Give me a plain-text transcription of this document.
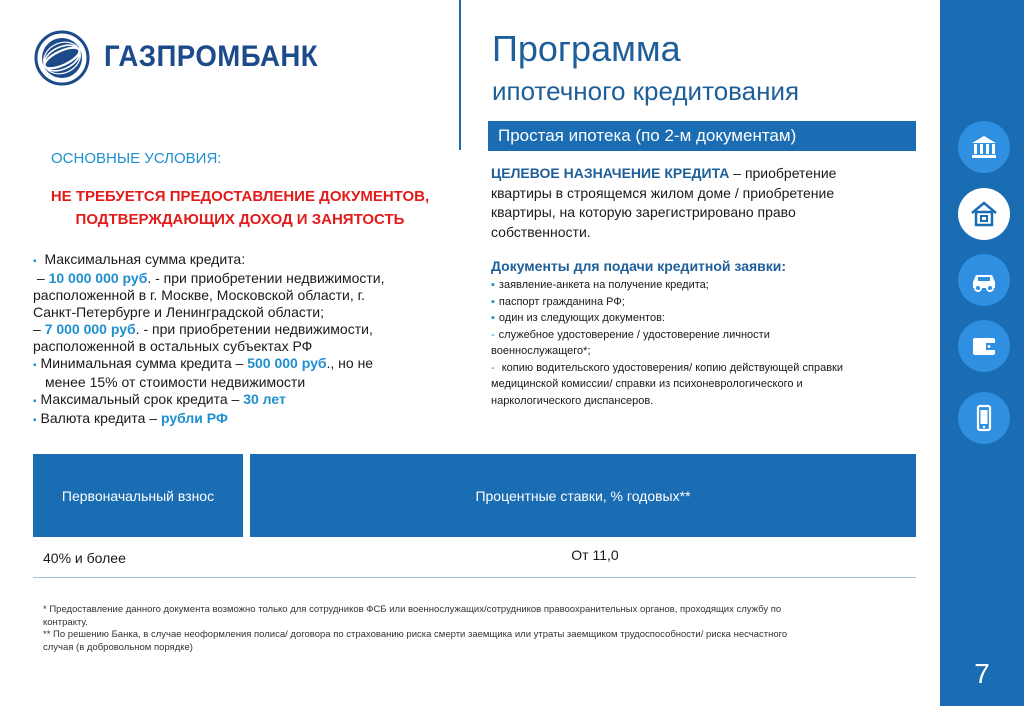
ГАЗПРОМБАНК	Программа
ипотечного кредитования
Простая ипотека (по 2-м документам)
ОСНОВНЫЕ УСЛОВИЯ:
НЕ ТРЕБУЕТСЯ ПРЕДОСТАВЛЕНИЕ ДОКУМЕНТОВ,
ПОДТВЕРЖДАЮЩИХ ДОХОД И ЗАНЯТОСТЬ
▪ Максимальная сумма кредита:
– 10 000 000 руб. - при приобретении недвижимости,
расположенной в г. Москве, Московской области, г.
Санкт-Петербурге и Ленинградской области;
– 7 000 000 руб. - при приобретении недвижимости,
расположенной в остальных субъектах РФ
▪ Минимальная сумма кредита – 500 000 руб., но не
менее 15% от стоимости недвижимости
▪ Максимальный срок кредита – 30 лет
▪ Валюта кредита – рубли РФ
ЦЕЛЕВОЕ НАЗНАЧЕНИЕ КРЕДИТА – приобретение
квартиры в строящемся жилом доме / приобретение
квартиры, на которую зарегистрировано право
собственности.
Документы для подачи кредитной заявки:
▪ заявление-анкета на получение кредита;
▪ паспорт гражданина РФ;
▪ один из следующих документов:
- служебное удостоверение / удостоверение личности
военнослужащего*;
- копию водительского удостоверения/ копию действующей справки
медицинской комиссии/ справки из психоневрологического и
наркологического диспансеров.
Первоначальный взнос	Процентные ставки, % годовых**
40% и более	От 11,0
* Предоставление данного документа возможно только для сотрудников ФСБ или военнослужащих/сотрудников правоохранительных органов, проходящих службу по
контракту.
** По решению Банка, в случае неоформления полиса/ договора по страхованию риска смерти заемщика или утраты заемщиком трудоспособности/ риска несчастного
случая (в добровольном порядке)
7
